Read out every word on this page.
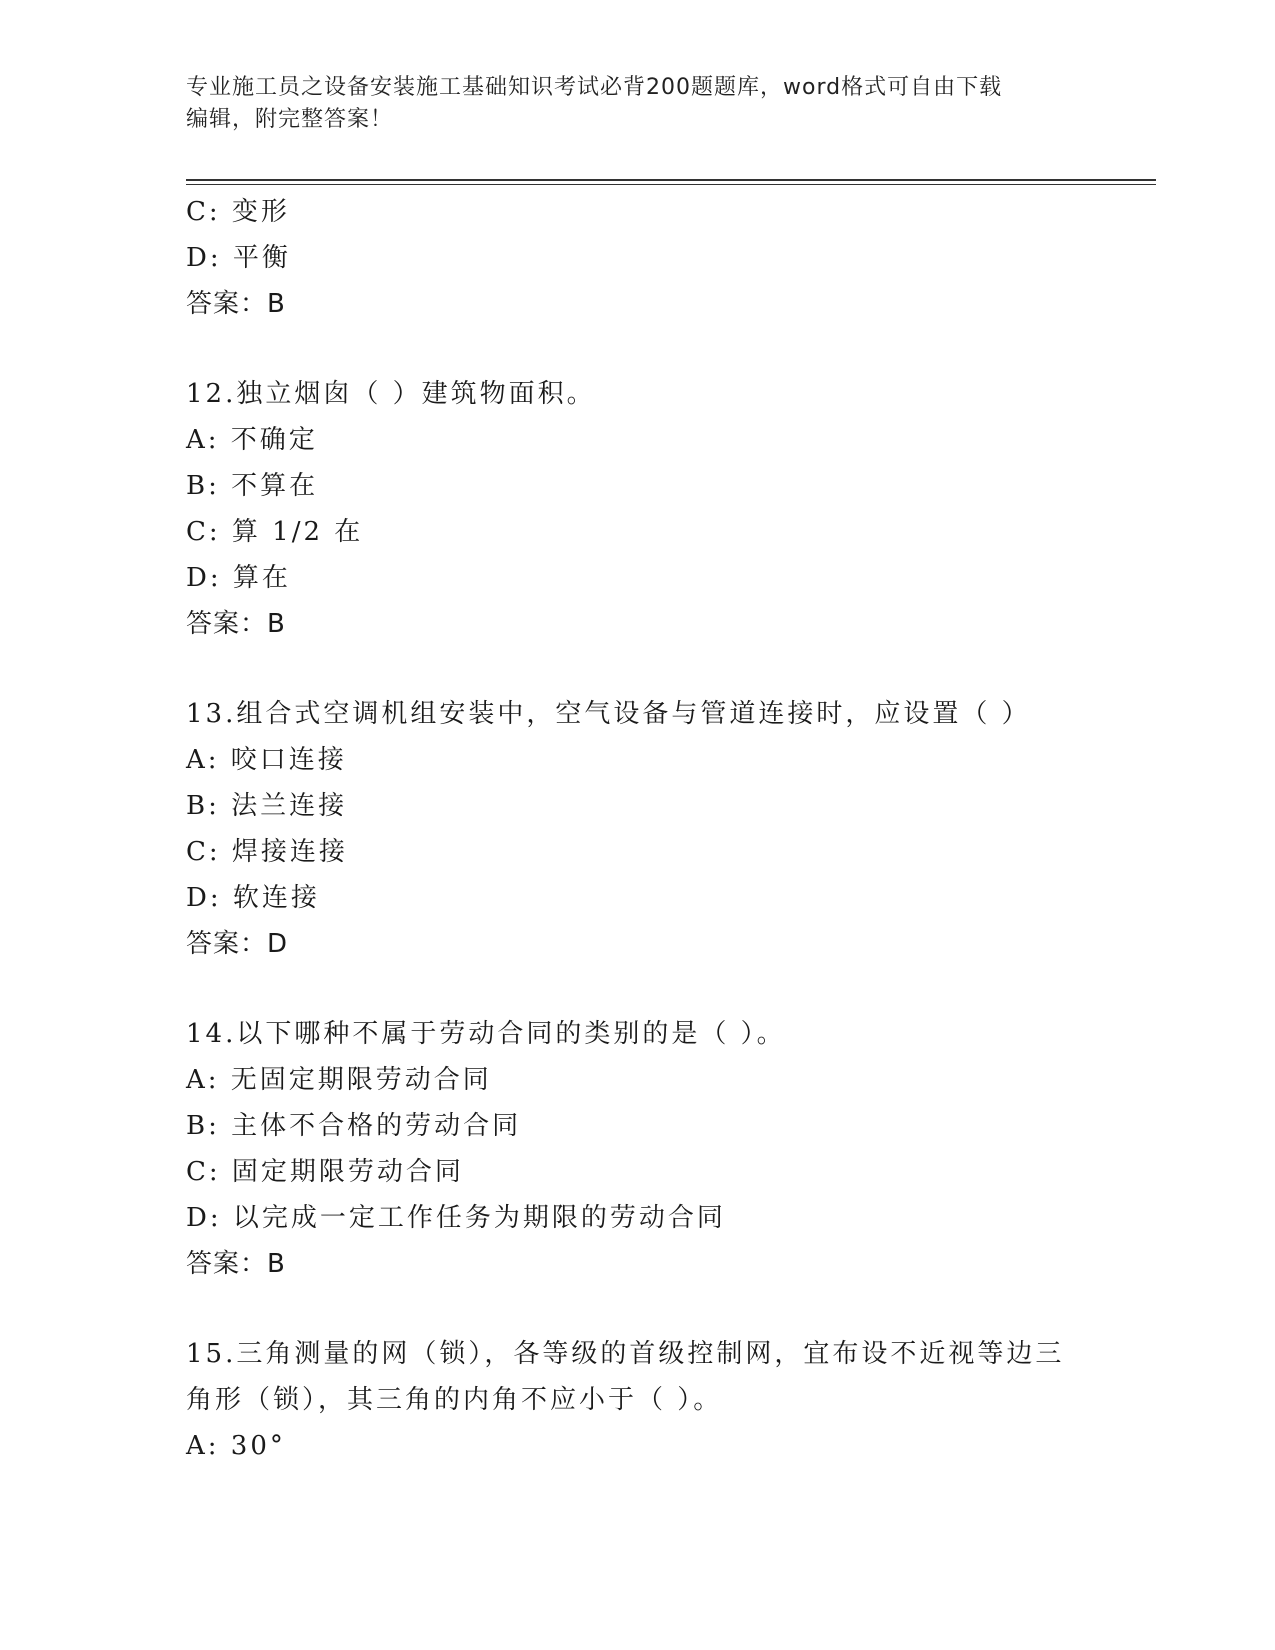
专业施工员之设备安装施工基础知识考试必背200题题库，word格式可自由下载
编辑，附完整答案！
C: 变形
D: 平衡
答案：B
12.独立烟囱（ ）建筑物面积。
A: 不确定
B: 不算在
C: 算 1/2 在
D: 算在
答案：B
13.组合式空调机组安装中，空气设备与管道连接时，应设置（ ）
A: 咬口连接
B: 法兰连接
C: 焊接连接
D: 软连接
答案：D
14.以下哪种不属于劳动合同的类别的是（ ）。
A: 无固定期限劳动合同
B: 主体不合格的劳动合同
C: 固定期限劳动合同
D: 以完成一定工作任务为期限的劳动合同
答案：B
15.三角测量的网（锁），各等级的首级控制网，宜布设不近视等边三
角形（锁），其三角的内角不应小于（ ）。
A: 30°
